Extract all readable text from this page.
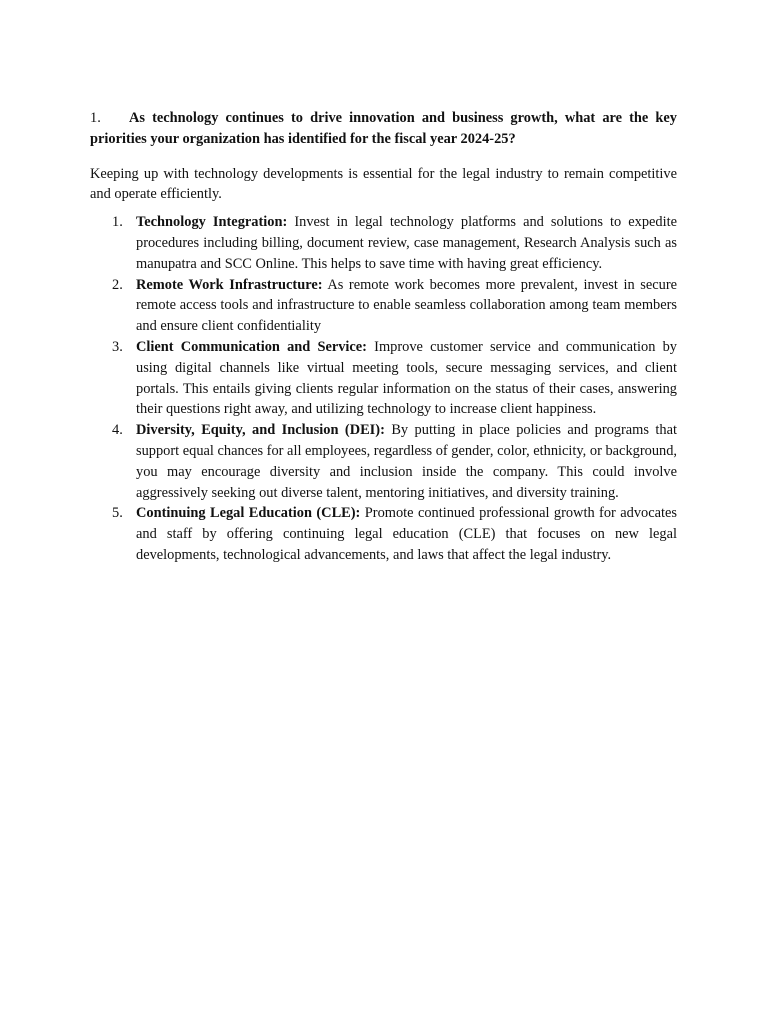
1. As technology continues to drive innovation and business growth, what are the key priorities your organization has identified for the fiscal year 2024-25?

Keeping up with technology developments is essential for the legal industry to remain competitive and operate efficiently.

1. Technology Integration: Invest in legal technology platforms and solutions to expedite procedures including billing, document review, case management, Research Analysis such as manupatra and SCC Online. This helps to save time with having great efficiency.
2. Remote Work Infrastructure: As remote work becomes more prevalent, invest in secure remote access tools and infrastructure to enable seamless collaboration among team members and ensure client confidentiality
3. Client Communication and Service: Improve customer service and communication by using digital channels like virtual meeting tools, secure messaging services, and client portals. This entails giving clients regular information on the status of their cases, answering their questions right away, and utilizing technology to increase client happiness.
4. Diversity, Equity, and Inclusion (DEI): By putting in place policies and programs that support equal chances for all employees, regardless of gender, color, ethnicity, or background, you may encourage diversity and inclusion inside the company. This could involve aggressively seeking out diverse talent, mentoring initiatives, and diversity training.
5. Continuing Legal Education (CLE): Promote continued professional growth for advocates and staff by offering continuing legal education (CLE) that focuses on new legal developments, technological advancements, and laws that affect the legal industry.
